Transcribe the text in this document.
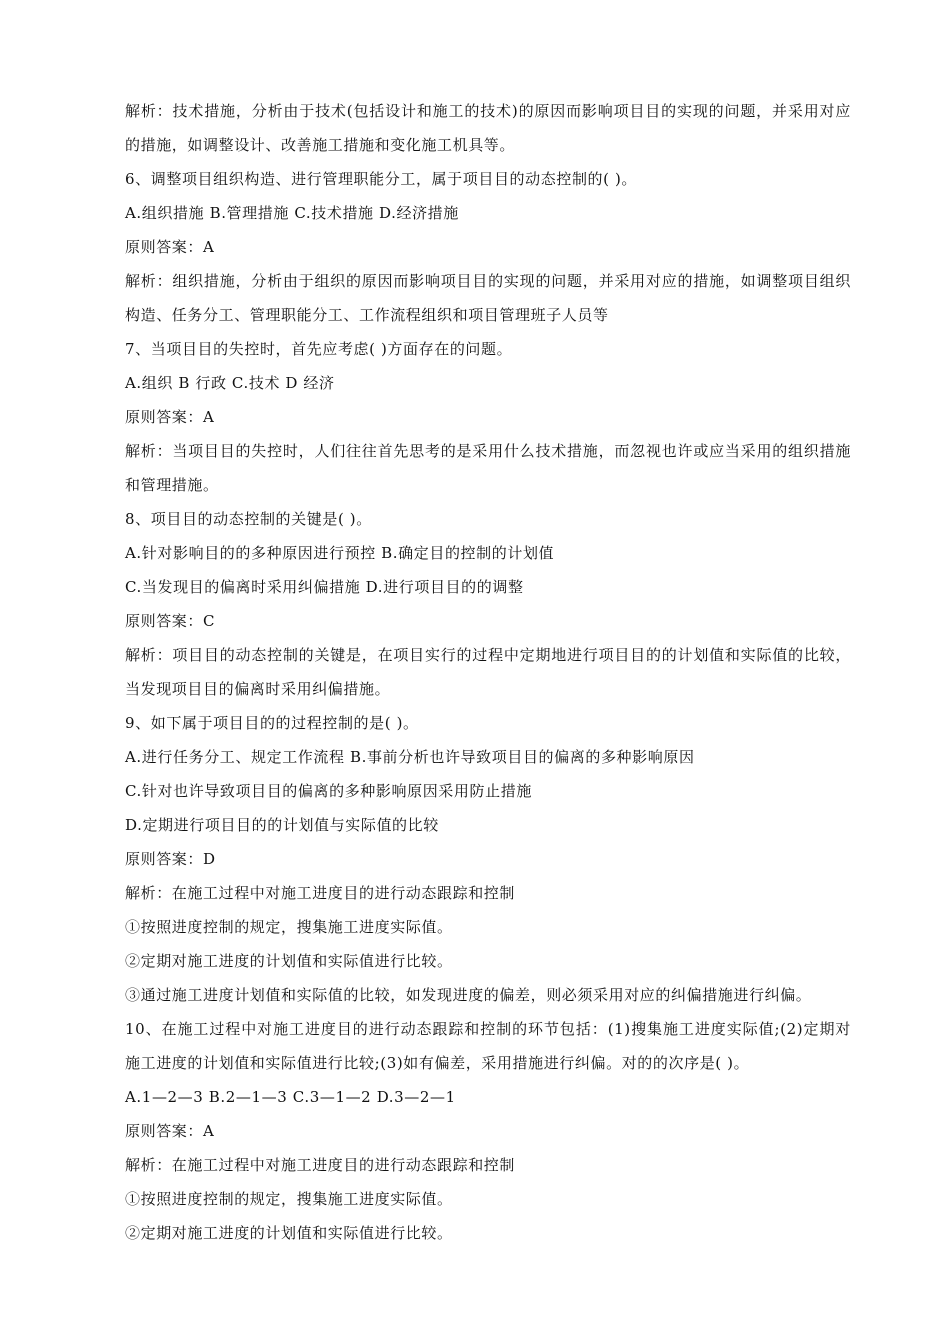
解析：技术措施，分析由于技术(包括设计和施工的技术)的原因而影响项目目的实现的问题，并采用对应的措施，如调整设计、改善施工措施和变化施工机具等。
6、调整项目组织构造、进行管理职能分工，属于项目目的动态控制的( )。
A.组织措施 B.管理措施 C.技术措施 D.经济措施
原则答案：A
解析：组织措施，分析由于组织的原因而影响项目目的实现的问题，并采用对应的措施，如调整项目组织构造、任务分工、管理职能分工、工作流程组织和项目管理班子人员等
7、当项目目的失控时，首先应考虑( )方面存在的问题。
A.组织 B 行政 C.技术 D 经济
原则答案：A
解析：当项目目的失控时，人们往往首先思考的是采用什么技术措施，而忽视也许或应当采用的组织措施和管理措施。
8、项目目的动态控制的关键是( )。
A.针对影响目的的多种原因进行预控 B.确定目的控制的计划值
C.当发现目的偏离时采用纠偏措施 D.进行项目目的的调整
原则答案：C
解析：项目目的动态控制的关键是，在项目实行的过程中定期地进行项目目的的计划值和实际值的比较，当发现项目目的偏离时采用纠偏措施。
9、如下属于项目目的的过程控制的是( )。
A.进行任务分工、规定工作流程 B.事前分析也许导致项目目的偏离的多种影响原因
C.针对也许导致项目目的偏离的多种影响原因采用防止措施
D.定期进行项目目的的计划值与实际值的比较
原则答案：D
解析：在施工过程中对施工进度目的进行动态跟踪和控制
①按照进度控制的规定，搜集施工进度实际值。
②定期对施工进度的计划值和实际值进行比较。
③通过施工进度计划值和实际值的比较，如发现进度的偏差，则必须采用对应的纠偏措施进行纠偏。
10、在施工过程中对施工进度目的进行动态跟踪和控制的环节包括：(1)搜集施工进度实际值;(2)定期对施工进度的计划值和实际值进行比较;(3)如有偏差，采用措施进行纠偏。对的的次序是( )。
A.1—2—3 B.2—1—3 C.3—1—2 D.3—2—1
原则答案：A
解析：在施工过程中对施工进度目的进行动态跟踪和控制
①按照进度控制的规定，搜集施工进度实际值。
②定期对施工进度的计划值和实际值进行比较。
